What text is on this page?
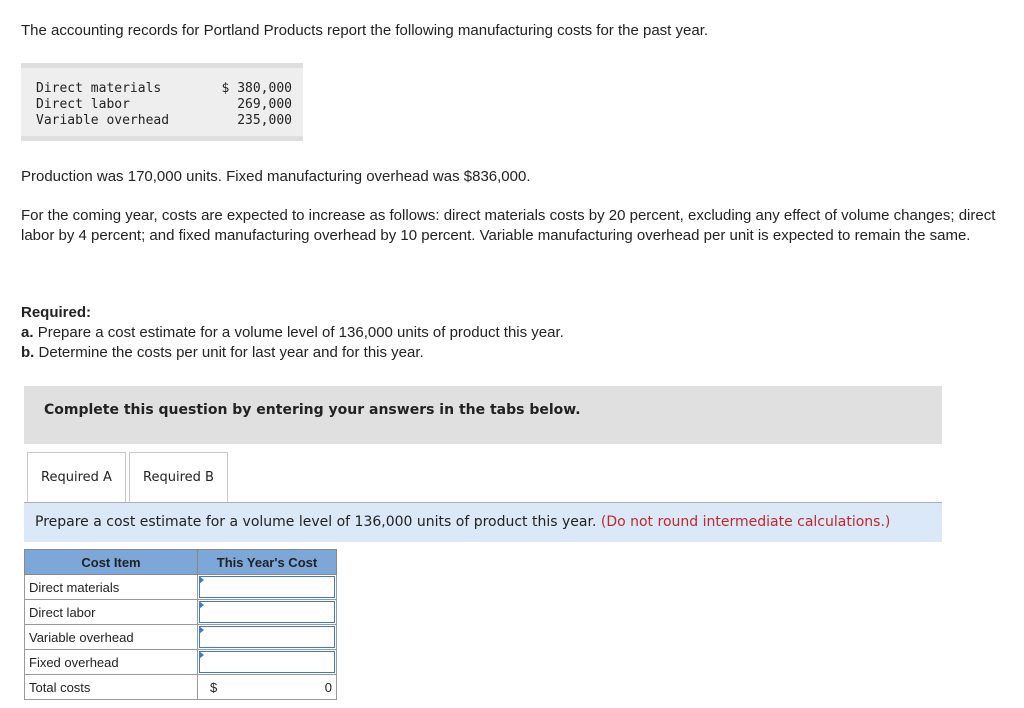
The accounting records for Portland Products report the following manufacturing costs for the past year.
Direct materials	$ 380,000
Direct labor	269,000
Variable overhead	235,000
Production was 170,000 units. Fixed manufacturing overhead was $836,000.
For the coming year, costs are expected to increase as follows: direct materials costs by 20 percent, excluding any effect of volume changes; direct labor by 4 percent; and fixed manufacturing overhead by 10 percent. Variable manufacturing overhead per unit is expected to remain the same.
Required:
a. Prepare a cost estimate for a volume level of 136,000 units of product this year.
b. Determine the costs per unit for last year and for this year.
Complete this question by entering your answers in the tabs below.
Required A	Required B
Prepare a cost estimate for a volume level of 136,000 units of product this year. (Do not round intermediate calculations.)
Cost Item	This Year's Cost
Direct materials	

Direct labor	

Variable overhead	

Fixed overhead	

Total costs	$ 0
